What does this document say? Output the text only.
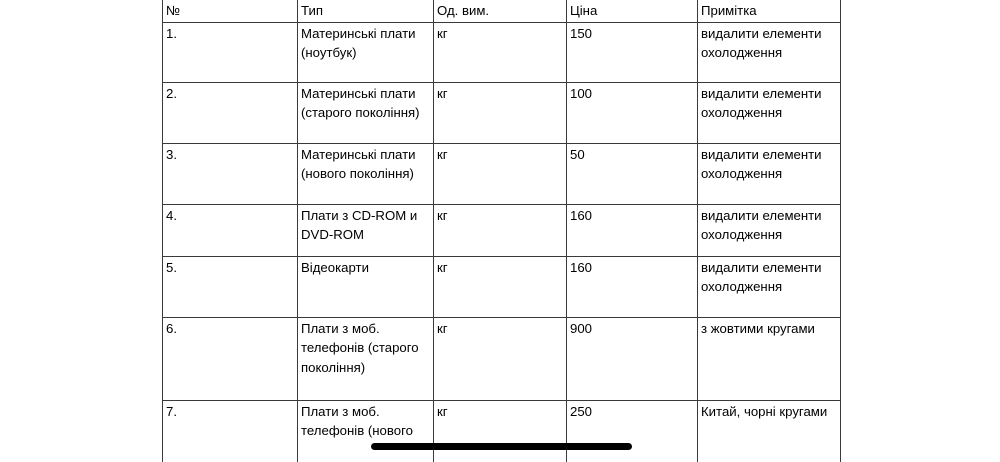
№	Тип	Од. вим.	Ціна	Примітка
1.	Материнські плати (ноутбук)	кг	150	видалити елементи охолодження
2.	Материнські плати (старого покоління)	кг	100	видалити елементи охолодження
3.	Материнські плати (нового покоління)	кг	50	видалити елементи охолодження
4.	Плати з CD-ROM и DVD-ROM	кг	160	видалити елементи охолодження
5.	Відеокарти	кг	160	видалити елементи охолодження
6.	Плати з моб. телефонів (старого покоління)	кг	900	з жовтими кругами
7.	Плати з моб. телефонів (нового	кг	250	Китай, чорні кругами
